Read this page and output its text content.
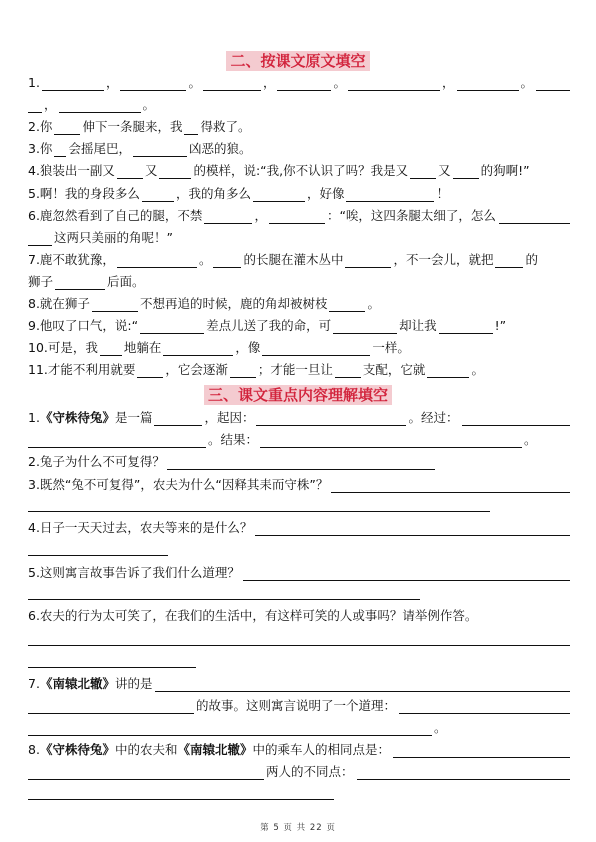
二、按课文原文填空
1.	，	。	，	。	，	。
，	。
2.你 伸下一条腿来，我 得救了。
3.你 会摇尾巴，	凶恶的狼。
4.狼装出一副又 又	的模样，说:“我,你不认识了吗？我是又 又 的狗啊!”
5.啊！我的身段多么	，我的角多么	，好像	！
6.鹿忽然看到了自己的腿，不禁	，	：“唉，这四条腿太细了，怎么
这两只美丽的角呢！”
7.鹿不敢犹豫，	。	的长腿在灌木丛中	，不一会儿，就把	的
狮子	后面。
8.就在狮子	不想再追的时候，鹿的角却被树枝	。
9.他叹了口气，说:“	差点儿送了我的命，可	却让我	!”
10.可是，我 地躺在	，像	一样。
11.才能不利用就要 ，它会逐渐 ；才能一旦让 支配，它就	。
三、课文重点内容理解填空
1. 《守株待兔》 是一篇	，起因：	。经过：
。结果：	。
2.兔子为什么不可复得？
3.既然“兔不可复得”，农夫为什么“因释其耒而守株”？
4.日子一天天过去，农夫等来的是什么？
5.这则寓言故事告诉了我们什么道理？
6.农夫的行为太可笑了，在我们的生活中，有这样可笑的人或事吗？请举例作答。
7. 《南辕北辙》 讲的是
的故事。这则寓言说明了一个道理：
。
8. 《守株待兔》 中的农夫和 《南辕北辙》 中的乘车人的相同点是：
两人的不同点：
第 5 页 共 22 页
